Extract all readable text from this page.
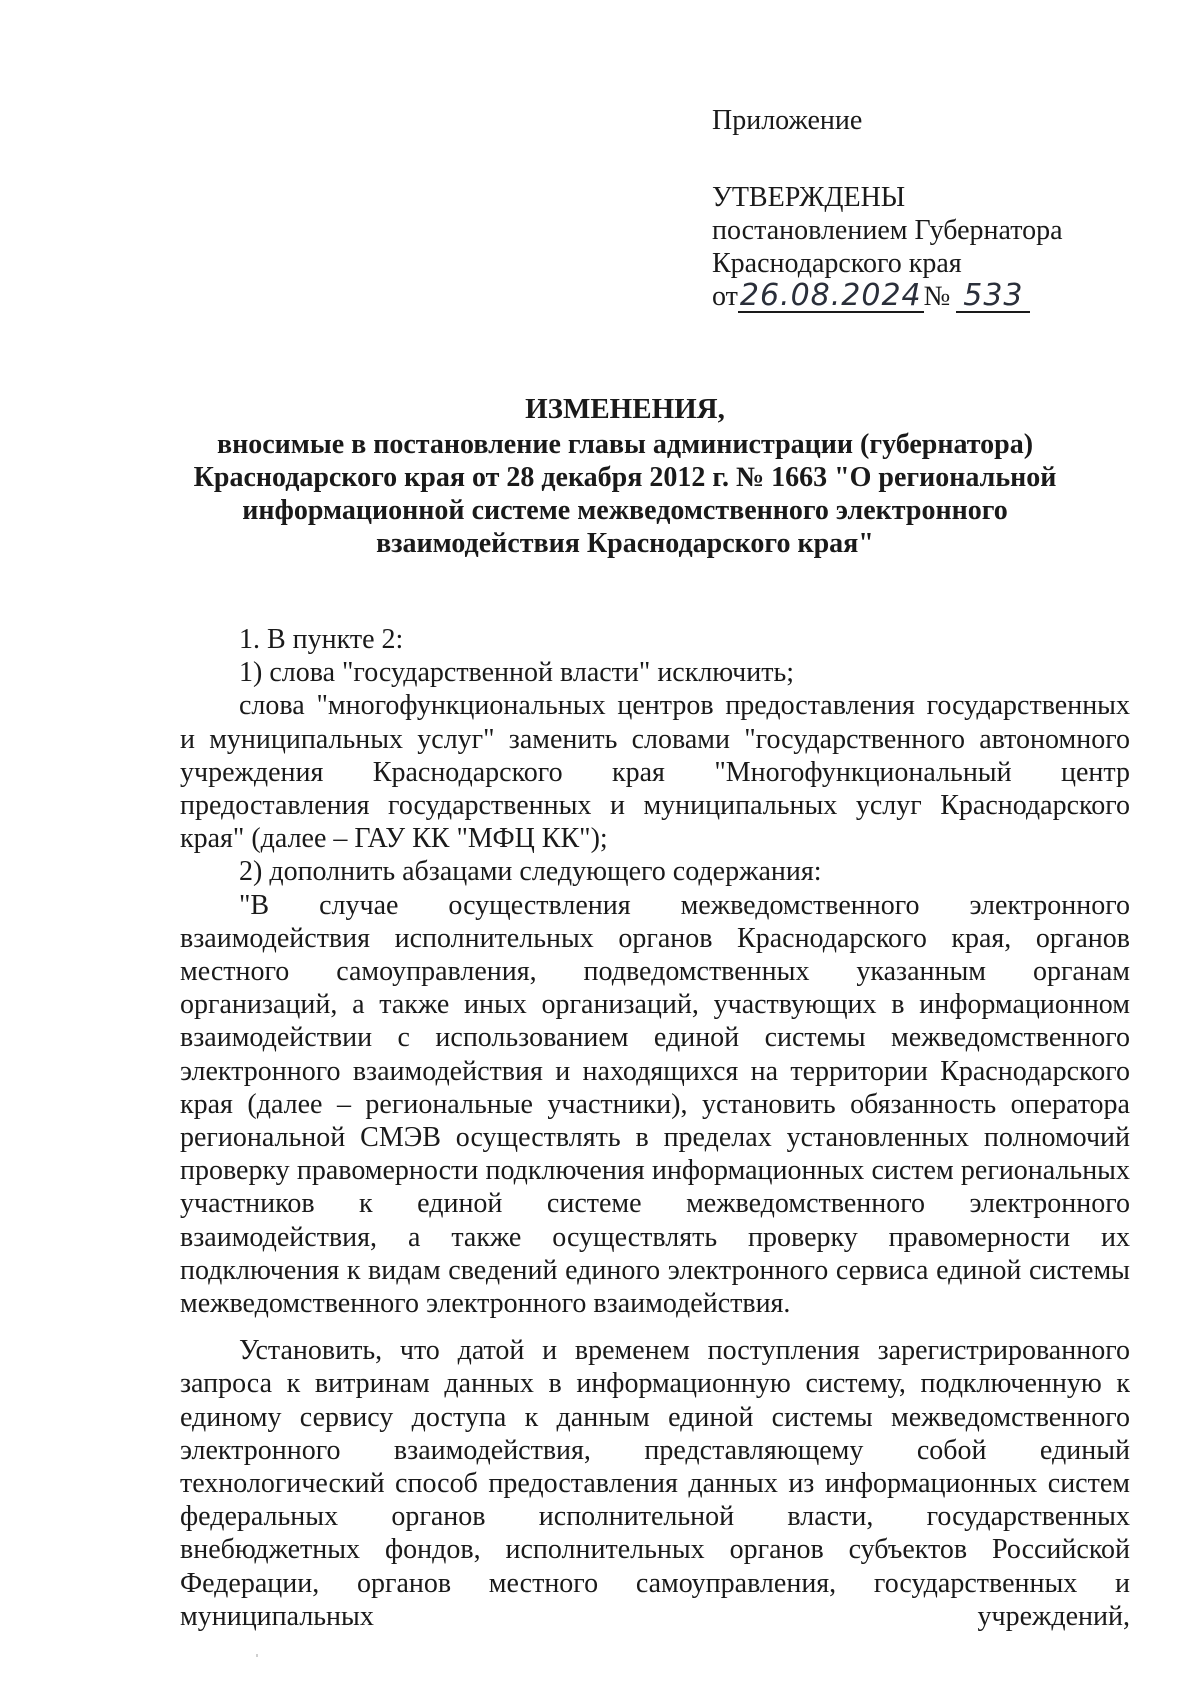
Приложение
УТВЕРЖДЕНЫ
постановлением Губернатора
Краснодарского края
от26.08.2024№ 533
ИЗМЕНЕНИЯ,
вносимые в постановление главы администрации (губернатора)
Краснодарского края от 28 декабря 2012 г. № 1663 "О региональной
информационной системе межведомственного электронного
взаимодействия Краснодарского края"

1. В пункте 2:

1) слова "государственной власти" исключить;

слова "многофункциональных центров предоставления государственных и муниципальных услуг" заменить словами "государственного автономного учреждения Краснодарского края "Многофункциональный центр предоставления государственных и муниципальных услуг Краснодарского края" (далее – ГАУ КК "МФЦ КК");

2) дополнить абзацами следующего содержания:

"В случае осуществления межведомственного электронного взаимодействия исполнительных органов Краснодарского края, органов местного самоуправления, подведомственных указанным органам организаций, а также иных организаций, участвующих в информационном взаимодействии с использованием единой системы межведомственного электронного взаимодействия и находящихся на территории Краснодарского края (далее – региональные участники), установить обязанность оператора региональной СМЭВ осуществлять в пределах установленных полномочий проверку правомерности подключения информационных систем региональных участников к единой системе межведомственного электронного взаимодействия, а также осуществлять проверку правомерности их подключения к видам сведений единого электронного сервиса единой системы межведомственного электронного взаимодействия.

Установить, что датой и временем поступления зарегистрированного запроса к витринам данных в информационную систему, подключенную к единому сервису доступа к данным единой системы межведомственного электронного взаимодействия, представляющему собой единый технологический способ предоставления данных из информационных систем федеральных органов исполнительной власти, государственных внебюджетных фондов, исполнительных органов субъектов Российской Федерации, органов местного самоуправления, государственных и муниципальных учреждений,
